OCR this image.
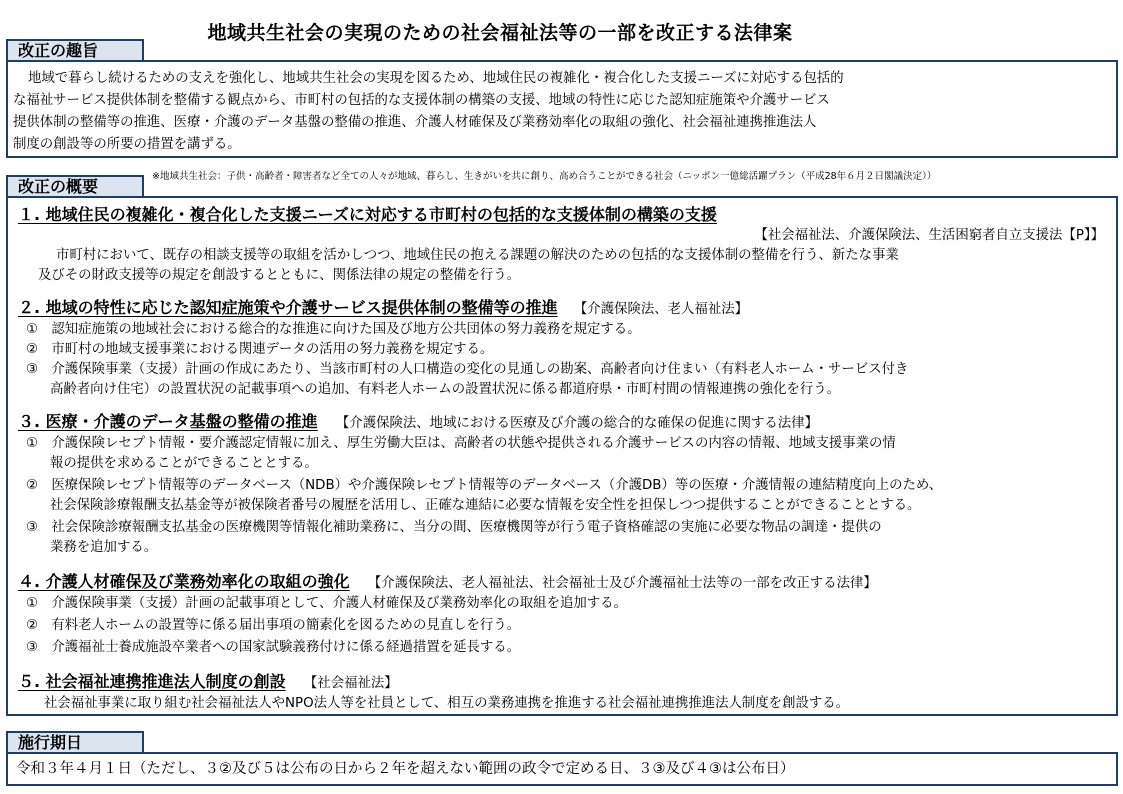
地域共生社会の実現のための社会福祉法等の一部を改正する法律案
改正の趣旨
地域で暮らし続けるための支えを強化し、地域共生社会の実現を図るため、地域住民の複雑化・複合化した支援ニーズに対応する包括的
な福祉サービス提供体制を整備する観点から、市町村の包括的な支援体制の構築の支援、地域の特性に応じた認知症施策や介護サービス
提供体制の整備等の推進、医療・介護のデータ基盤の整備の推進、介護人材確保及び業務効率化の取組の強化、社会福祉連携推進法人
制度の創設等の所要の措置を講ずる。
改正の概要
※地域共生社会：子供・高齢者・障害者など全ての人々が地域、暮らし、生きがいを共に創り、高め合うことができる社会（ニッポン一億総活躍プラン（平成28年６月２日閣議決定））
１. 地域住民の複雑化・複合化した支援ニーズに対応する市町村の包括的な支援体制の構築の支援
【社会福祉法、介護保険法、生活困窮者自立支援法【P】】
市町村において、既存の相談支援等の取組を活かしつつ、地域住民の抱える課題の解決のための包括的な支援体制の整備を行う、新たな事業
及びその財政支援等の規定を創設するとともに、関係法律の規定の整備を行う。
２. 地域の特性に応じた認知症施策や介護サービス提供体制の整備等の推進 【介護保険法、老人福祉法】
①　認知症施策の地域社会における総合的な推進に向けた国及び地方公共団体の努力義務を規定する。
②　市町村の地域支援事業における関連データの活用の努力義務を規定する。
③　介護保険事業（支援）計画の作成にあたり、当該市町村の人口構造の変化の見通しの勘案、高齢者向け住まい（有料老人ホーム・サービス付き
高齢者向け住宅）の設置状況の記載事項への追加、有料老人ホームの設置状況に係る都道府県・市町村間の情報連携の強化を行う。
３. 医療・介護のデータ基盤の整備の推進 【介護保険法、地域における医療及び介護の総合的な確保の促進に関する法律】
①　介護保険レセプト情報・要介護認定情報に加え、厚生労働大臣は、高齢者の状態や提供される介護サービスの内容の情報、地域支援事業の情
報の提供を求めることができることとする。
②　医療保険レセプト情報等のデータベース（NDB）や介護保険レセプト情報等のデータベース（介護DB）等の医療・介護情報の連結精度向上のため、
社会保険診療報酬支払基金等が被保険者番号の履歴を活用し、正確な連結に必要な情報を安全性を担保しつつ提供することができることとする。
③　社会保険診療報酬支払基金の医療機関等情報化補助業務に、当分の間、医療機関等が行う電子資格確認の実施に必要な物品の調達・提供の
業務を追加する。
４. 介護人材確保及び業務効率化の取組の強化 【介護保険法、老人福祉法、社会福祉士及び介護福祉士法等の一部を改正する法律】
①　介護保険事業（支援）計画の記載事項として、介護人材確保及び業務効率化の取組を追加する。
②　有料老人ホームの設置等に係る届出事項の簡素化を図るための見直しを行う。
③　介護福祉士養成施設卒業者への国家試験義務付けに係る経過措置を延長する。
５. 社会福祉連携推進法人制度の創設 【社会福祉法】
社会福祉事業に取り組む社会福祉法人やNPO法人等を社員として、相互の業務連携を推進する社会福祉連携推進法人制度を創設する。
施行期日
令和３年４月１日（ただし、３②及び５は公布の日から２年を超えない範囲の政令で定める日、３③及び４③は公布日）
